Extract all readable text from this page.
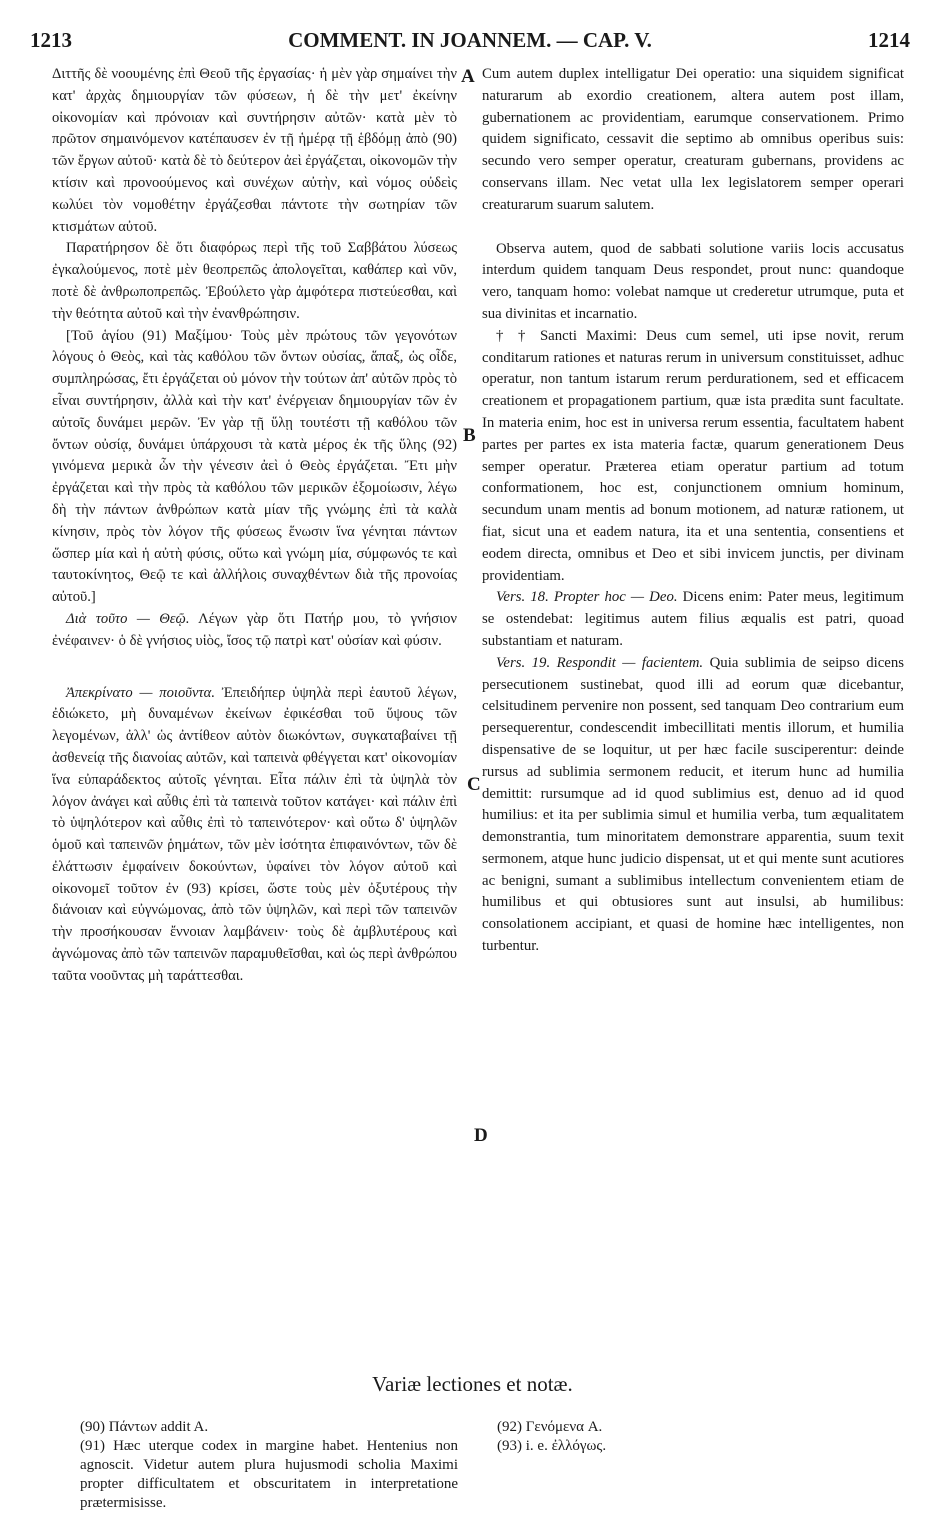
1213	COMMENT. IN JOANNEM. — CAP. V.	1214

Διττῆς δὲ νοουμένης ἐπὶ Θεοῦ τῆς ἐργασίας· ἡ μὲν γὰρ σημαίνει τὴν κατ' ἀρχὰς δημιουργίαν τῶν φύσεων, ἡ δὲ τὴν μετ' ἐκείνην οἰκονομίαν καὶ πρόνοιαν καὶ συντήρησιν αὐτῶν· κατὰ μὲν τὸ πρῶτον σημαινόμενον κατέπαυσεν ἐν τῇ ἡμέρᾳ τῇ ἑβδόμῃ ἀπὸ (90) τῶν ἔργων αὐτοῦ· κατὰ δὲ τὸ δεύτερον ἀεὶ ἐργάζεται, οἰκονομῶν τὴν κτίσιν καὶ προνοούμενος καὶ συνέχων αὐτὴν, καὶ νόμος οὐδεὶς κωλύει τὸν νομοθέτην ἐργάζεσθαι πάντοτε τὴν σωτηρίαν τῶν κτισμάτων αὐτοῦ.

Παρατήρησον δὲ ὅτι διαφόρως περὶ τῆς τοῦ Σαββάτου λύσεως ἐγκαλούμενος, ποτὲ μὲν θεοπρεπῶς ἀπολογεῖται, καθάπερ καὶ νῦν, ποτὲ δὲ ἀνθρωποπρεπῶς. Ἐβούλετο γὰρ ἀμφότερα πιστεύεσθαι, καὶ τὴν θεότητα αὐτοῦ καὶ τὴν ἐνανθρώπησιν.

[Τοῦ ἁγίου (91) Μαξίμου· Τοὺς μὲν πρώτους τῶν γεγονότων λόγους ὁ Θεὸς, καὶ τὰς καθόλου τῶν ὄντων οὐσίας, ἅπαξ, ὡς οἶδε, συμπληρώσας, ἔτι ἐργάζεται οὐ μόνον τὴν τούτων ἀπ' αὐτῶν πρὸς τὸ εἶναι συντήρησιν, ἀλλὰ καὶ τὴν κατ' ἐνέργειαν δημιουργίαν τῶν ἐν αὐτοῖς δυνάμει μερῶν. Ἐν γὰρ τῇ ὕλῃ τουτέστι τῇ καθόλου τῶν ὄντων οὐσίᾳ, δυνάμει ὑπάρχουσι τὰ κατὰ μέρος ἐκ τῆς ὕλης (92) γινόμενα μερικὰ ὧν τὴν γένεσιν ἀεὶ ὁ Θεὸς ἐργάζεται. Ἔτι μὴν ἐργάζεται καὶ τὴν πρὸς τὰ καθόλου τῶν μερικῶν ἐξομοίωσιν, λέγω δὴ τὴν πάντων ἀνθρώπων κατὰ μίαν τῆς γνώμης ἐπὶ τὰ καλὰ κίνησιν, πρὸς τὸν λόγον τῆς φύσεως ἕνωσιν ἵνα γένηται πάντων ὥσπερ μία καὶ ἡ αὐτὴ φύσις, οὕτω καὶ γνώμη μία, σύμφωνός τε καὶ ταυτοκίνητος, Θεῷ τε καὶ ἀλλήλοις συναχθέντων διὰ τῆς προνοίας αὐτοῦ.]

Διὰ τοῦτο — Θεῷ. Λέγων γὰρ ὅτι Πατήρ μου, τὸ γνήσιον ἐνέφαινεν· ὁ δὲ γνήσιος υἱὸς, ἴσος τῷ πατρὶ κατ' οὐσίαν καὶ φύσιν.

Ἀπεκρίνατο — ποιοῦντα. Ἐπειδήπερ ὑψηλὰ περὶ ἑαυτοῦ λέγων, ἐδιώκετο, μὴ δυναμένων ἐκείνων ἐφικέσθαι τοῦ ὕψους τῶν λεγομένων, ἀλλ' ὡς ἀντίθεον αὐτὸν διωκόντων, συγκαταβαίνει τῇ ἀσθενείᾳ τῆς διανοίας αὐτῶν, καὶ ταπεινὰ φθέγγεται κατ' οἰκονομίαν ἵνα εὐπαράδεκτος αὐτοῖς γένηται. Εἶτα πάλιν ἐπὶ τὰ ὑψηλὰ τὸν λόγον ἀνάγει καὶ αὖθις ἐπὶ τὰ ταπεινὰ τοῦτον κατάγει· καὶ πάλιν ἐπὶ τὸ ὑψηλότερον καὶ αὖθις ἐπὶ τὸ ταπεινότερον· καὶ οὕτω δ' ὑψηλῶν ὁμοῦ καὶ ταπεινῶν ῥημάτων, τῶν μὲν ἰσότητα ἐπιφαινόντων, τῶν δὲ ἐλάττωσιν ἐμφαίνειν δοκούντων, ὑφαίνει τὸν λόγον αὐτοῦ καὶ οἰκονομεῖ τοῦτον ἐν (93) κρίσει, ὥστε τοὺς μὲν ὀξυτέρους τὴν διάνοιαν καὶ εὐγνώμονας, ἀπὸ τῶν ὑψηλῶν, καὶ περὶ τῶν ταπεινῶν τὴν προσήκουσαν ἔννοιαν λαμβάνειν· τοὺς δὲ ἀμβλυτέρους καὶ ἀγνώμονας ἀπὸ τῶν ταπεινῶν παραμυθεῖσθαι, καὶ ὡς περὶ ἀνθρώπου ταῦτα νοοῦντας μὴ ταράττεσθαι.

Cum autem duplex intelligatur Dei operatio: una siquidem significat naturarum ab exordio creationem, altera autem post illam, gubernationem ac providentiam, earumque conservationem. Primo quidem significato, cessavit die septimo ab omnibus operibus suis: secundo vero semper operatur, creaturam gubernans, providens ac conservans illam. Nec vetat ulla lex legislatorem semper operari creaturarum suarum salutem.

Observa autem, quod de sabbati solutione variis locis accusatus interdum quidem tanquam Deus respondet, prout nunc: quandoque vero, tanquam homo: volebat namque ut crederetur utrumque, puta et sua divinitas et incarnatio.

† † Sancti Maximi: Deus cum semel, uti ipse novit, rerum conditarum rationes et naturas rerum in universum constituisset, adhuc operatur, non tantum istarum rerum perdurationem, sed et efficacem creationem et propagationem partium, quæ ista prædita sunt facultate. In materia enim, hoc est in universa rerum essentia, facultatem habent partes per partes ex ista materia factæ, quarum generationem Deus semper operatur. Præterea etiam operatur partium ad totum conformationem, hoc est, conjunctionem omnium hominum, secundum unam mentis ad bonum motionem, ad naturæ rationem, ut fiat, sicut una et eadem natura, ita et una sententia, consentiens et eodem directa, omnibus et Deo et sibi invicem junctis, per divinam providentiam.

Vers. 18. Propter hoc — Deo. Dicens enim: Pater meus, legitimum se ostendebat: legitimus autem filius æqualis est patri, quoad substantiam et naturam.

Vers. 19. Respondit — facientem. Quia sublimia de seipso dicens persecutionem sustinebat, quod illi ad eorum quæ dicebantur, celsitudinem pervenire non possent, sed tanquam Deo contrarium eum persequerentur, condescendit imbecillitati mentis illorum, et humilia dispensative de se loquitur, ut per hæc facile susciperentur: deinde rursus ad sublimia sermonem reducit, et iterum hunc ad humilia demittit: rursumque ad id quod sublimius est, denuo ad id quod humilius: et ita per sublimia simul et humilia verba, tum æqualitatem demonstrantia, tum minoritatem demonstrare apparentia, suum texit sermonem, atque hunc judicio dispensat, ut et qui mente sunt acutiores ac benigni, sumant a sublimibus intellectum convenientem etiam de humilibus et qui obtusiores sunt aut insulsi, ab humilibus: consolationem accipiant, et quasi de homine hæc intelligentes, non turbentur.

A
B
C
D
Variæ lectiones et notæ.

(90) Πάντων addit A.

(91) Hæc uterque codex in margine habet. Hentenius non agnoscit. Videtur autem plura hujusmodi scholia Maximi propter difficultatem et obscuritatem in interpretatione prætermisisse.

(92) Γενόμενα A.

(93) i. e. ἐλλόγως.
